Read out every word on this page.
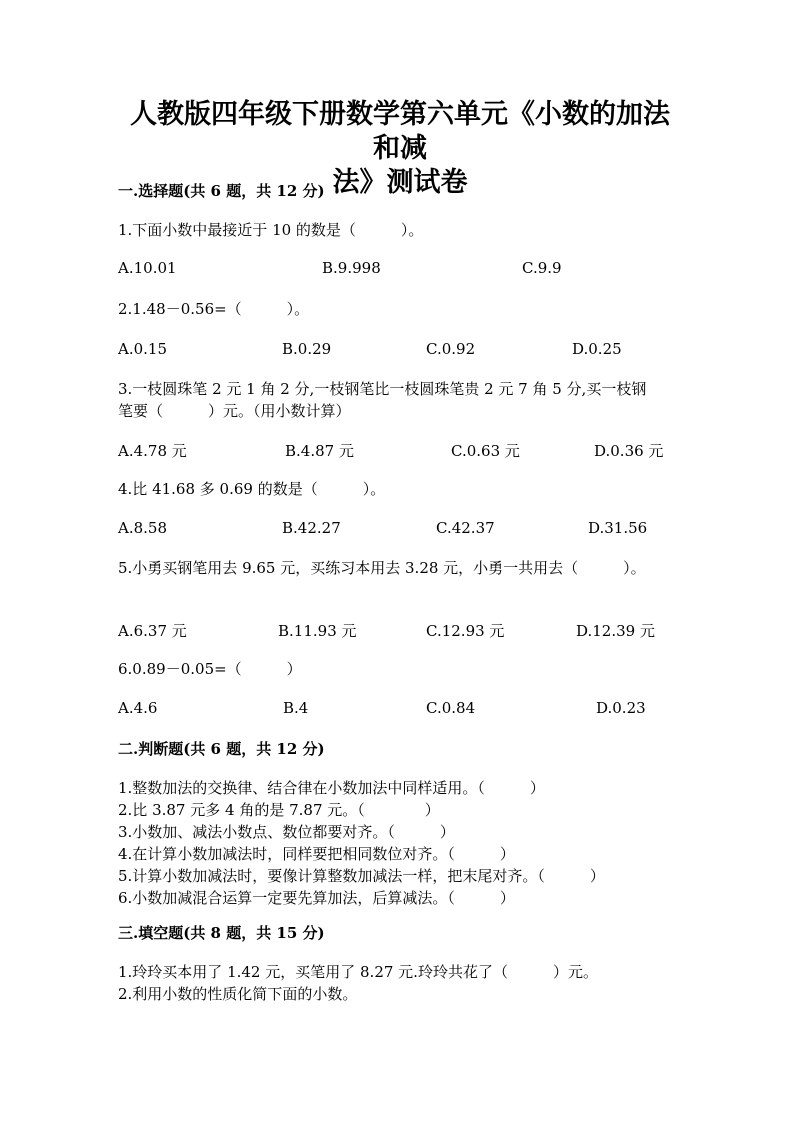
人教版四年级下册数学第六单元《小数的加法和减
法》测试卷
一.选择题(共 6 题，共 12 分)
1.下面小数中最接近于 10 的数是（　　　）。
A.10.01	B.9.998	C.9.9
2.1.48－0.56=（　　　）。
A.0.15	B.0.29	C.0.92	D.0.25
3.一枝圆珠笔 2 元 1 角 2 分,一枝钢笔比一枝圆珠笔贵 2 元 7 角 5 分,买一枝钢
笔要（　　　）元。（用小数计算）
A.4.78 元	B.4.87 元	C.0.63 元	D.0.36 元
4.比 41.68 多 0.69 的数是（　　　）。
A.8.58	B.42.27	C.42.37	D.31.56
5.小勇买钢笔用去 9.65 元，买练习本用去 3.28 元，小勇一共用去（　　　）。
A.6.37 元	B.11.93 元	C.12.93 元	D.12.39 元
6.0.89－0.05=（　　　）
A.4.6	B.4	C.0.84	D.0.23
二.判断题(共 6 题，共 12 分)
1.整数加法的交换律、结合律在小数加法中同样适用。（　　　）
2.比 3.87 元多 4 角的是 7.87 元。（　　　　）
3.小数加、减法小数点、数位都要对齐。（　　　）
4.在计算小数加减法时，同样要把相同数位对齐。（　　　）
5.计算小数加减法时，要像计算整数加减法一样，把末尾对齐。（　　　）
6.小数加减混合运算一定要先算加法，后算减法。（　　　）
三.填空题(共 8 题，共 15 分)
1.玲玲买本用了 1.42 元，买笔用了 8.27 元.玲玲共花了（　　　）元。
2.利用小数的性质化简下面的小数。
